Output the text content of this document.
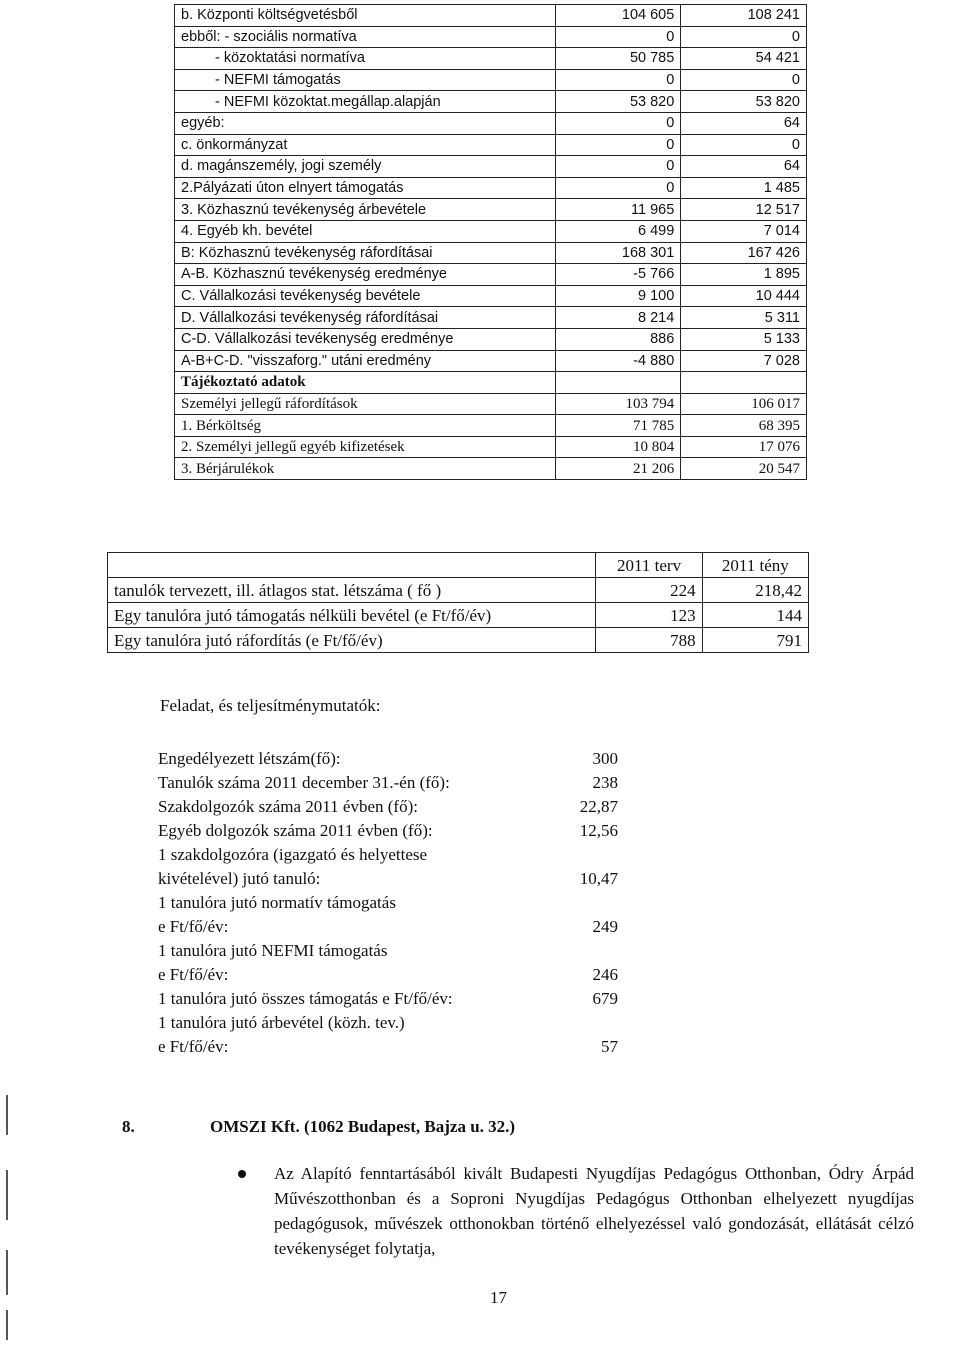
b. Központi költségvetésből	104 605	108 241
ebből: - szociális normatíva	0	0
- közoktatási normatíva	50 785	54 421
- NEFMI támogatás	0	0
- NEFMI közoktat.megállap.alapján	53 820	53 820
egyéb:	0	64
c. önkormányzat	0	0
d. magánszemély, jogi személy	0	64
2.Pályázati úton elnyert támogatás	0	1 485
3. Közhasznú tevékenység árbevétele	11 965	12 517
4. Egyéb kh. bevétel	6 499	7 014
B: Közhasznú tevékenység ráfordításai	168 301	167 426
A-B. Közhasznú tevékenység eredménye	-5 766	1 895
C. Vállalkozási tevékenység bevétele	9 100	10 444
D. Vállalkozási tevékenység ráfordításai	8 214	5 311
C-D. Vállalkozási tevékenység eredménye	886	5 133
A-B+C-D. "visszaforg." utáni eredmény	-4 880	7 028
Tájékoztató adatok		
Személyi jellegű ráfordítások	103 794	106 017
1. Bérköltség	71 785	68 395
2. Személyi jellegű egyéb kifizetések	10 804	17 076
3. Bérjárulékok	21 206	20 547
	2011 terv	2011 tény
tanulók tervezett, ill. átlagos stat. létszáma ( fő )	224	218,42
Egy tanulóra jutó támogatás nélküli bevétel (e Ft/fő/év)	123	144
Egy tanulóra jutó ráfordítás (e Ft/fő/év)	788	791

Feladat, és teljesítménymutatók:

Engedélyezett létszám(fő):	300
Tanulók száma 2011 december 31.-én (fő):	238
Szakdolgozók száma 2011 évben (fő):	22,87
Egyéb dolgozók száma 2011 évben (fő):	12,56
1 szakdolgozóra (igazgató és helyettese
kivételével) jutó tanuló:	10,47
1 tanulóra jutó normatív támogatás
e Ft/fő/év:	249
1 tanulóra jutó NEFMI támogatás
e Ft/fő/év:	246
1 tanulóra jutó összes támogatás e Ft/fő/év:	679
1 tanulóra jutó árbevétel (közh. tev.)
e Ft/fő/év:	57
8.	OMSZI Kft. (1062 Budapest, Bajza u. 32.)
Az Alapító fenntartásából kivált Budapesti Nyugdíjas Pedagógus Otthonban, Ódry Árpád Művészotthonban és a Soproni Nyugdíjas Pedagógus Otthonban elhelyezett nyugdíjas pedagógusok, művészek otthonokban történő elhelyezéssel való gondozását, ellátását célzó tevékenységet folytatja,
17
